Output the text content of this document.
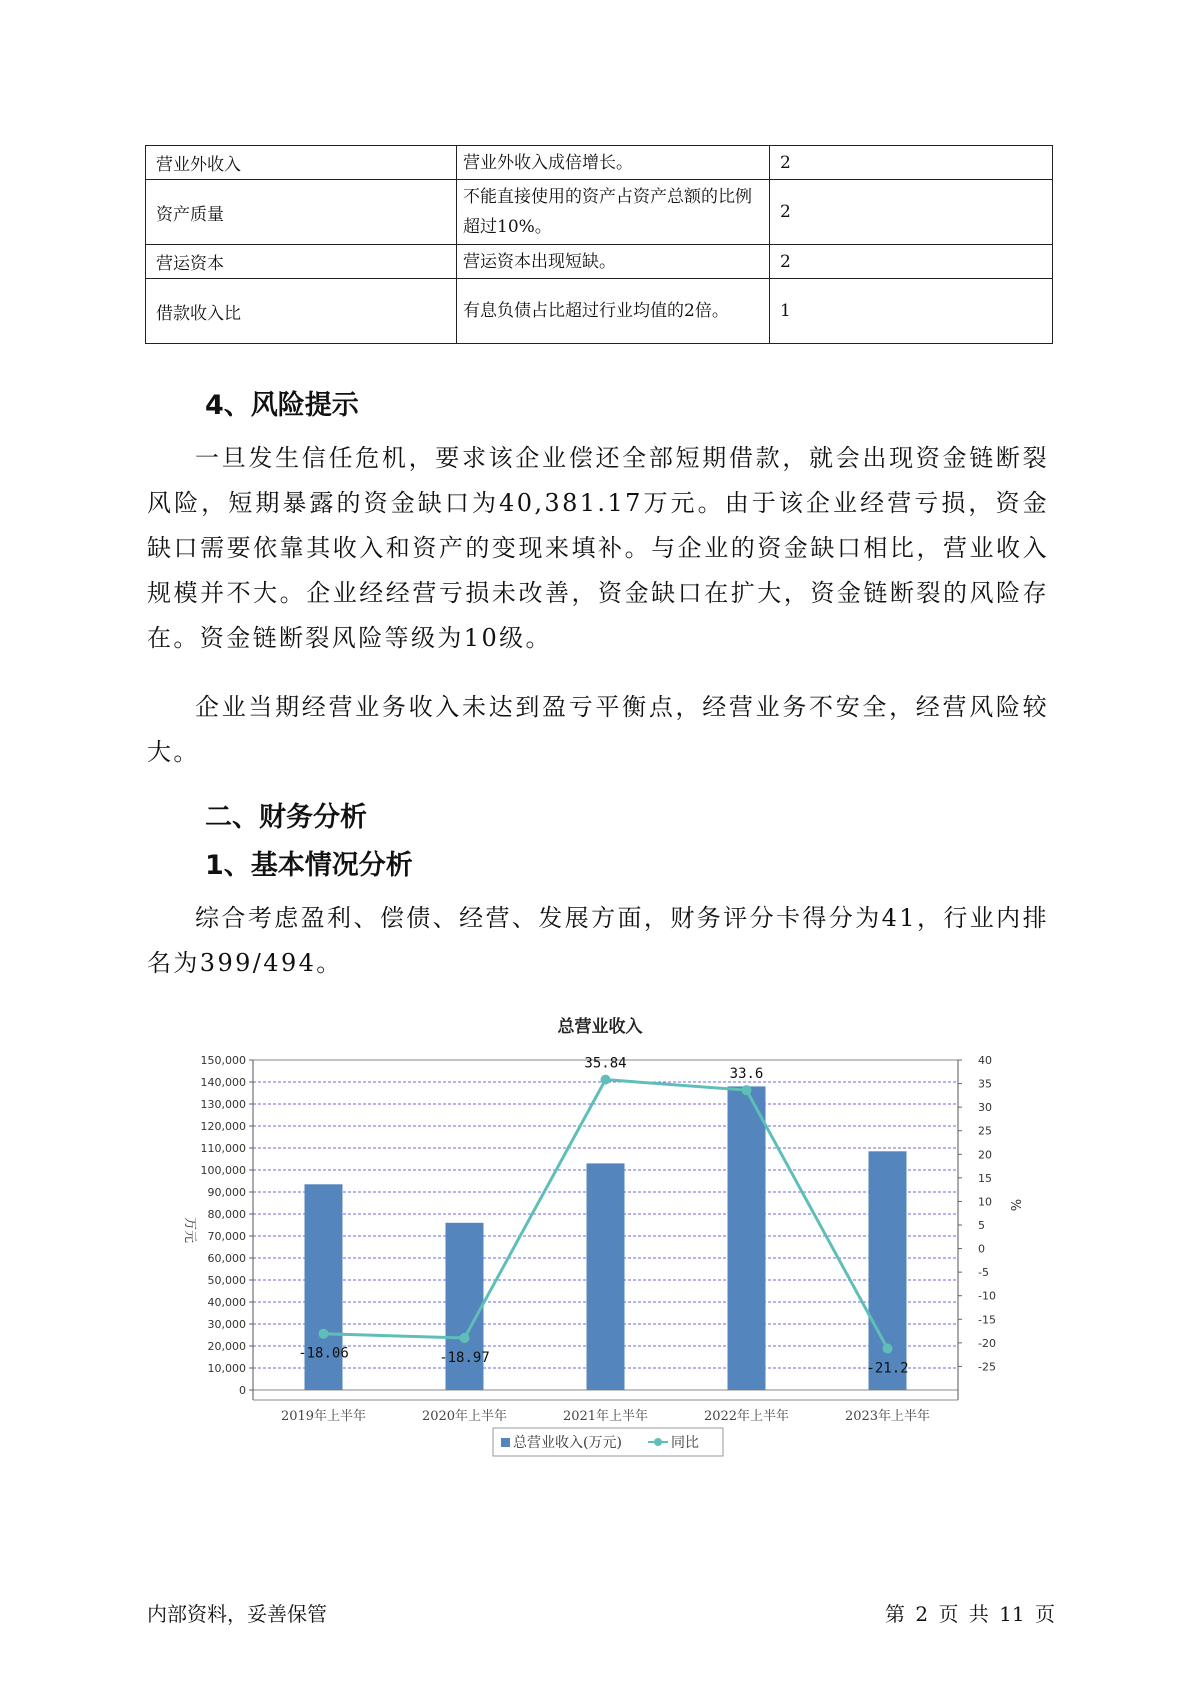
营业外收入	营业外收入成倍增长。	2
资产质量	不能直接使用的资产占资产总额的比例超过10%。	2
营运资本	营运资本出现短缺。	2
借款收入比	有息负债占比超过行业均值的2倍。	1
4、风险提示

一旦发生信任危机，要求该企业偿还全部短期借款，就会出现资金链断裂风险，短期暴露的资金缺口为40,381.17万元。由于该企业经营亏损，资金缺口需要依靠其收入和资产的变现来填补。与企业的资金缺口相比，营业收入规模并不大。企业经经营亏损未改善，资金缺口在扩大，资金链断裂的风险存在。资金链断裂风险等级为10级。

企业当期经营业务收入未达到盈亏平衡点，经营业务不安全，经营风险较大。

二、财务分析
1、基本情况分析

综合考虑盈利、偿债、经营、发展方面，财务评分卡得分为41，行业内排名为399/494。

总营业收入
0
10,000
20,000
30,000
40,000
50,000
60,000
70,000
80,000
90,000
100,000
110,000
120,000
130,000
140,000
150,000
-25
-20
-15
-10
-5
0
5
10
15
20
25
30
35
40
万元
%
2019年上半年	2020年上半年	2021年上半年	2022年上半年	2023年上半年
-18.06	-18.97
35.84
33.6
-21.2
总营业收入(万元)	同比
内部资料，妥善保管	第 2 页 共 11 页
